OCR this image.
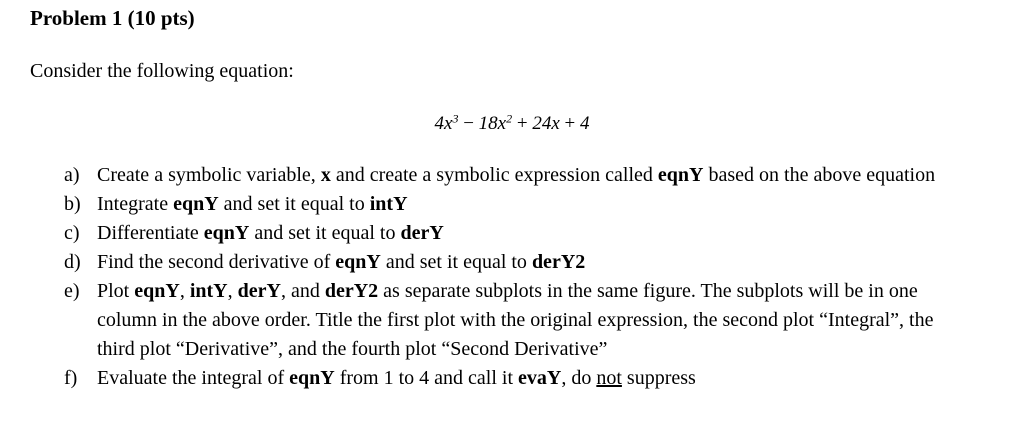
Problem 1 (10 pts)
Consider the following equation:
$4x^3 - 18x^2 + 24x + 4$
a) Create a symbolic variable, x and create a symbolic expression called eqnY based on the above equation
b) Integrate eqnY and set it equal to intY
c) Differentiate eqnY and set it equal to derY
d) Find the second derivative of eqnY and set it equal to derY2
e) Plot eqnY, intY, derY, and derY2 as separate subplots in the same figure. The subplots will be in one column in the above order. Title the first plot with the original expression, the second plot “Integral”, the third plot “Derivative”, and the fourth plot “Second Derivative”
f) Evaluate the integral of eqnY from 1 to 4 and call it evaY, do not suppress
